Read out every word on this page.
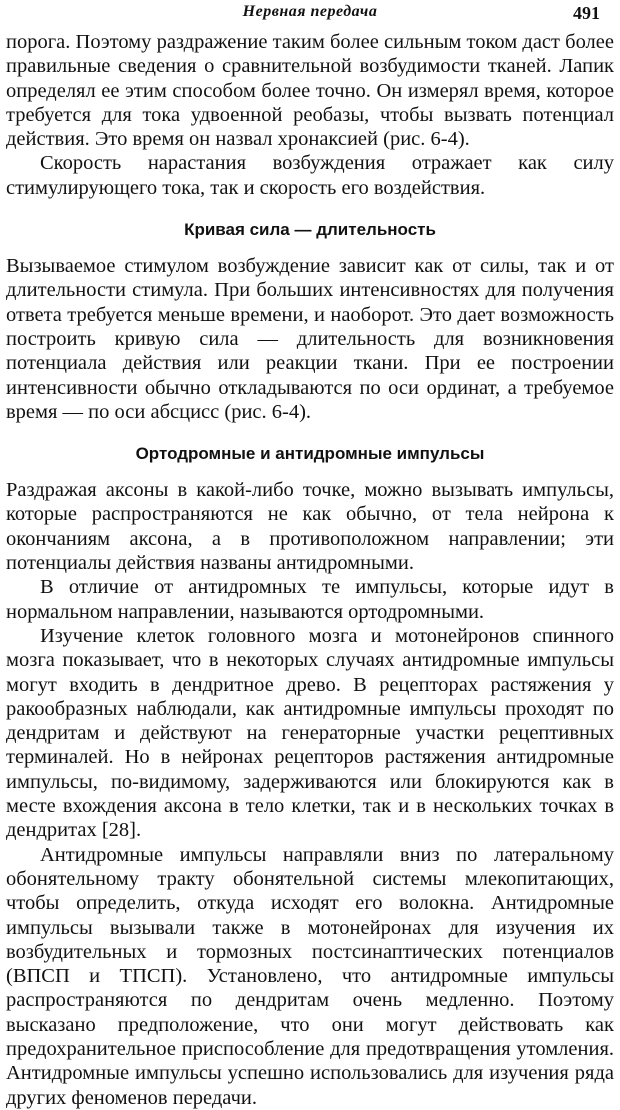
Нервная передача	491

порога. Поэтому раздражение таким более сильным током даст более правильные сведения о сравнительной возбудимости тканей. Лапик определял ее этим способом более точно. Он измерял время, которое требуется для тока удвоенной реобазы, чтобы вызвать потенциал действия. Это время он назвал хронаксией (рис. 6-4).

Скорость нарастания возбуждения отражает как силу стимулирующего тока, так и скорость его воздействия.

Кривая сила — длительность

Вызываемое стимулом возбуждение зависит как от силы, так и от длительности стимула. При больших интенсивностях для получения ответа требуется меньше времени, и наоборот. Это дает возможность построить кривую сила — длительность для возникновения потенциала действия или реакции ткани. При ее построении интенсивности обычно откладываются по оси ординат, а требуемое время — по оси абсцисс (рис. 6-4).

Ортодромные и антидромные импульсы

Раздражая аксоны в какой-либо точке, можно вызывать импульсы, которые распространяются не как обычно, от тела нейрона к окончаниям аксона, а в противоположном направлении; эти потенциалы действия названы антидромными.

В отличие от антидромных те импульсы, которые идут в нормальном направлении, называются ортодромными.

Изучение клеток головного мозга и мотонейронов спинного мозга показывает, что в некоторых случаях антидромные импульсы могут входить в дендритное древо. В рецепторах растяжения у ракообразных наблюдали, как антидромные импульсы проходят по дендритам и действуют на генераторные участки рецептивных терминалей. Но в нейронах рецепторов растяжения антидромные импульсы, по-видимому, задерживаются или блокируются как в месте вхождения аксона в тело клетки, так и в нескольких точках в дендритах [28].

Антидромные импульсы направляли вниз по латеральному обонятельному тракту обонятельной системы млекопитающих, чтобы определить, откуда исходят его волокна. Антидромные импульсы вызывали также в мотонейронах для изучения их возбудительных и тормозных постсинаптических потенциалов (ВПСП и ТПСП). Установлено, что антидромные импульсы распространяются по дендритам очень медленно. Поэтому высказано предположение, что они могут действовать как предохранительное приспособление для предотвращения утомления. Антидромные импульсы успешно использовались для изучения ряда других феноменов передачи.
